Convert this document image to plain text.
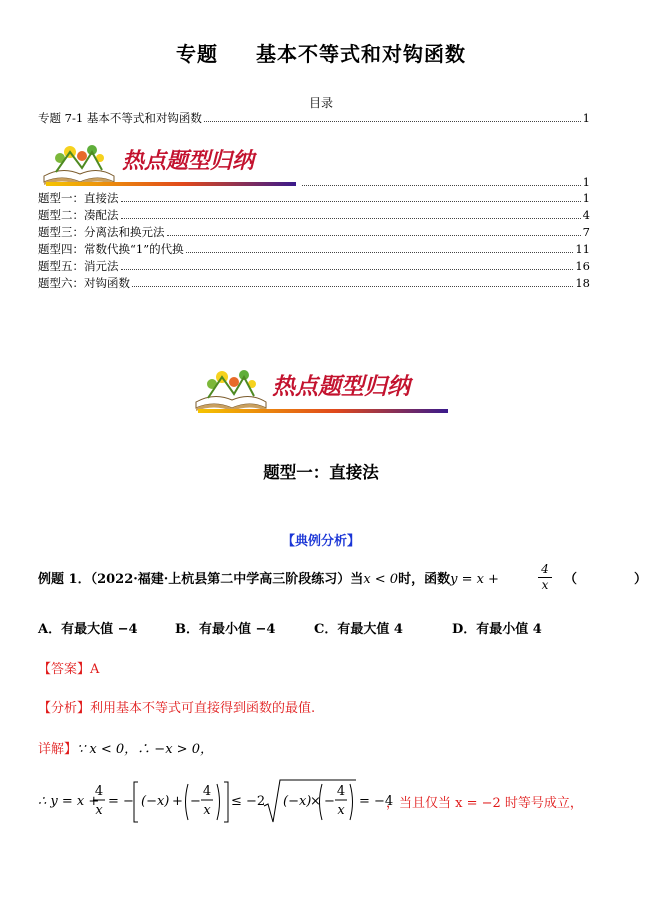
专题 基本不等式和对钩函数
目录
专题 7-1 基本不等式和对钩函数	1
热点题型归纳
1
题型一：直接法	1
题型二：凑配法	4
题型三：分离法和换元法	7
题型四：常数代换“1”的代换	11
题型五：消元法	16
题型六：对钩函数	18
热点题型归纳
题型一：直接法
【典例分析】
例题 1．（2022·福建·上杭县第二中学高三阶段练习）当x < 0时，函数y = x +	$\frac{4}{x}$ （	）
A．有最大值 −4	B．有最小值 −4	C．有最大值 4	D．有最小值 4
【答案】A
【分析】利用基本不等式可直接得到函数的最值.
详解】∵ x < 0，∴ −x > 0，
∴ y = x +
4
x
= − (−x) + −
4
x
≤ −2 (−x)
× −
4
x
= −4
，当且仅当 x = −2 时等号成立，
